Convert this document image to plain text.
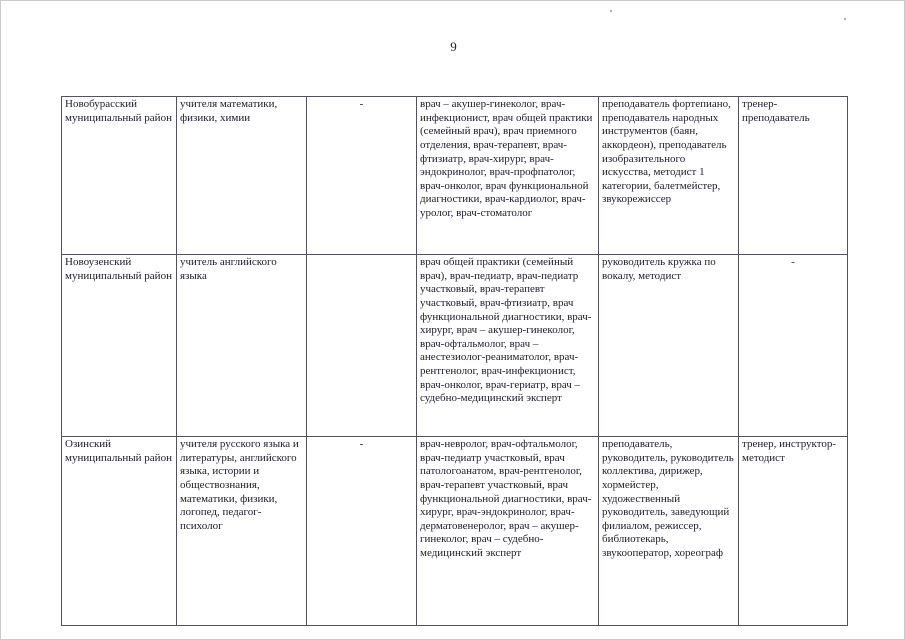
9
Новобурасский муниципальный район	учителя математики, физики, химии	-	врач – акушер-гинеколог, врач-инфекционист, врач общей практики (семейный врач), врач приемного отделения, врач-терапевт, врач-фтизиатр, врач-хирург, врач-эндокринолог, врач-профпатолог, врач-онколог, врач функциональной диагностики, врач-кардиолог, врач-уролог, врач-стоматолог	преподаватель фортепиано, преподаватель народных инструментов (баян, аккордеон), преподаватель изобразительного искусства, методист 1 категории, балетмейстер, звукорежиссер	тренер-преподаватель
Новоузенский муниципальный район	учитель английского языка		врач общей практики (семейный врач), врач-педиатр, врач-педиатр участковый, врач-терапевт участковый, врач-фтизиатр, врач функциональной диагностики, врач-хирург, врач – акушер-гинеколог, врач-офтальмолог, врач – анестезиолог-реаниматолог, врач-рентгенолог, врач-инфекционист, врач-онколог, врач-гериатр, врач – судебно-медицинский эксперт	руководитель кружка по вокалу, методист	-
Озинский муниципальный район	учителя русского языка и литературы, английского языка, истории и обществознания, математики, физики, логопед, педагог-психолог	-	врач-невролог, врач-офтальмолог, врач-педиатр участковый, врач патологоанатом, врач-рентгенолог, врач-терапевт участковый, врач функциональной диагностики, врач-хирург, врач-эндокринолог, врач-дерматовенеролог, врач – акушер-гинеколог, врач – судебно-медицинский эксперт	преподаватель, руководитель, руководитель коллектива, дирижер, хормейстер, художественный руководитель, заведующий филиалом, режиссер, библиотекарь, звукооператор, хореограф	тренер, инструктор-методист
